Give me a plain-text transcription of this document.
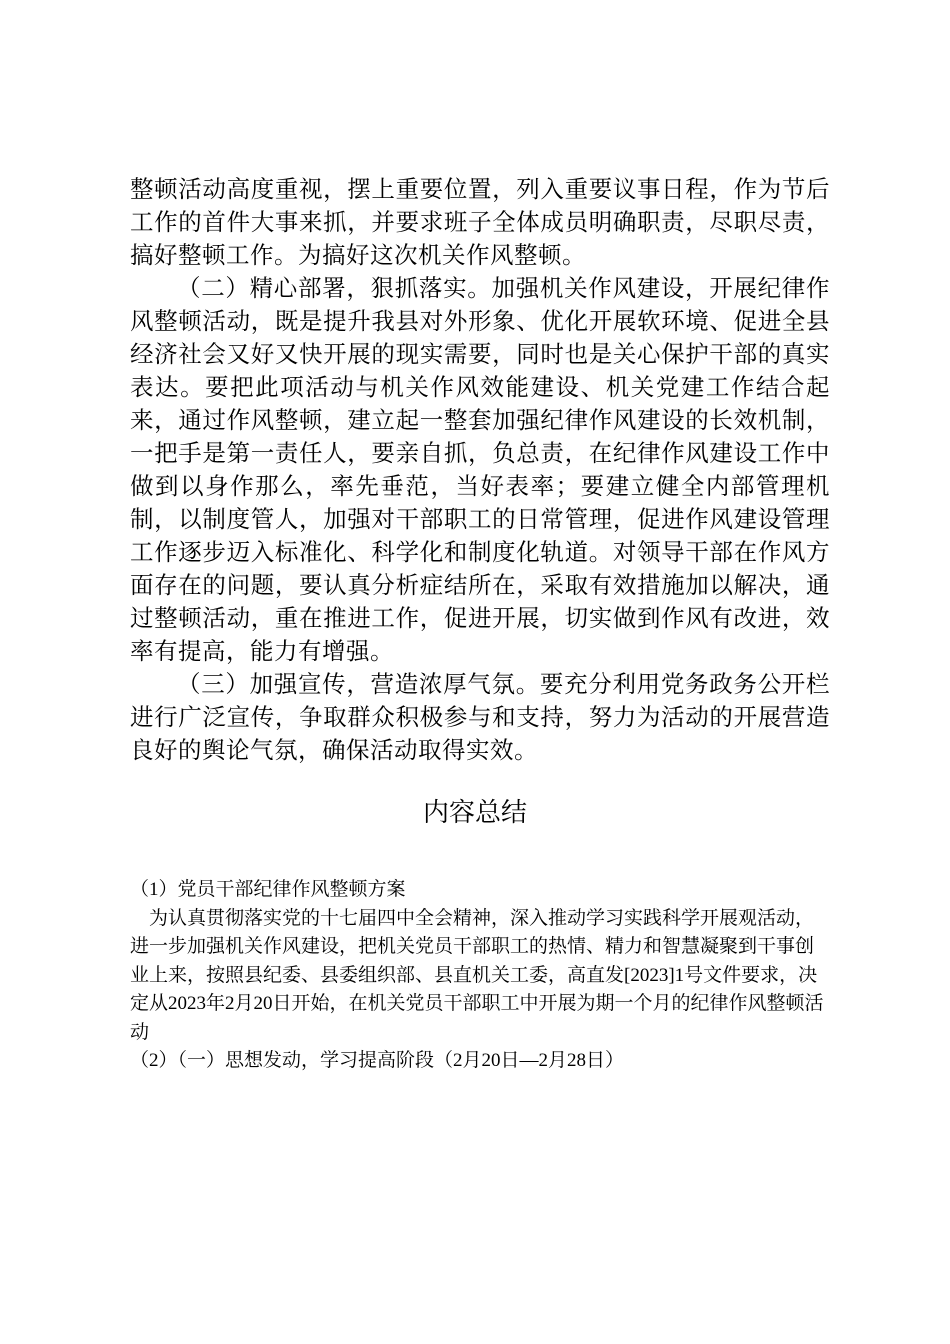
整顿活动高度重视，摆上重要位置，列入重要议事日程，作为节后工作的首件大事来抓，并要求班子全体成员明确职责，尽职尽责，搞好整顿工作。为搞好这次机关作风整顿。

（二）精心部署，狠抓落实。加强机关作风建设，开展纪律作风整顿活动，既是提升我县对外形象、优化开展软环境、促进全县经济社会又好又快开展的现实需要，同时也是关心保护干部的真实表达。要把此项活动与机关作风效能建设、机关党建工作结合起来，通过作风整顿，建立起一整套加强纪律作风建设的长效机制，一把手是第一责任人，要亲自抓，负总责，在纪律作风建设工作中做到以身作那么，率先垂范，当好表率；要建立健全内部管理机制，以制度管人，加强对干部职工的日常管理，促进作风建设管理工作逐步迈入标准化、科学化和制度化轨道。对领导干部在作风方面存在的问题，要认真分析症结所在，采取有效措施加以解决，通过整顿活动，重在推进工作，促进开展，切实做到作风有改进，效率有提高，能力有增强。

（三）加强宣传，营造浓厚气氛。要充分利用党务政务公开栏进行广泛宣传，争取群众积极参与和支持，努力为活动的开展营造良好的舆论气氛，确保活动取得实效。

内容总结

（1）党员干部纪律作风整顿方案

为认真贯彻落实党的十七届四中全会精神，深入推动学习实践科学开展观活动，进一步加强机关作风建设，把机关党员干部职工的热情、精力和智慧凝聚到干事创业上来，按照县纪委、县委组织部、县直机关工委，高直发[2023]1号文件要求，决定从2023年2月20日开始，在机关党员干部职工中开展为期一个月的纪律作风整顿活动

（2）（一）思想发动，学习提高阶段（2月20日—2月28日）
